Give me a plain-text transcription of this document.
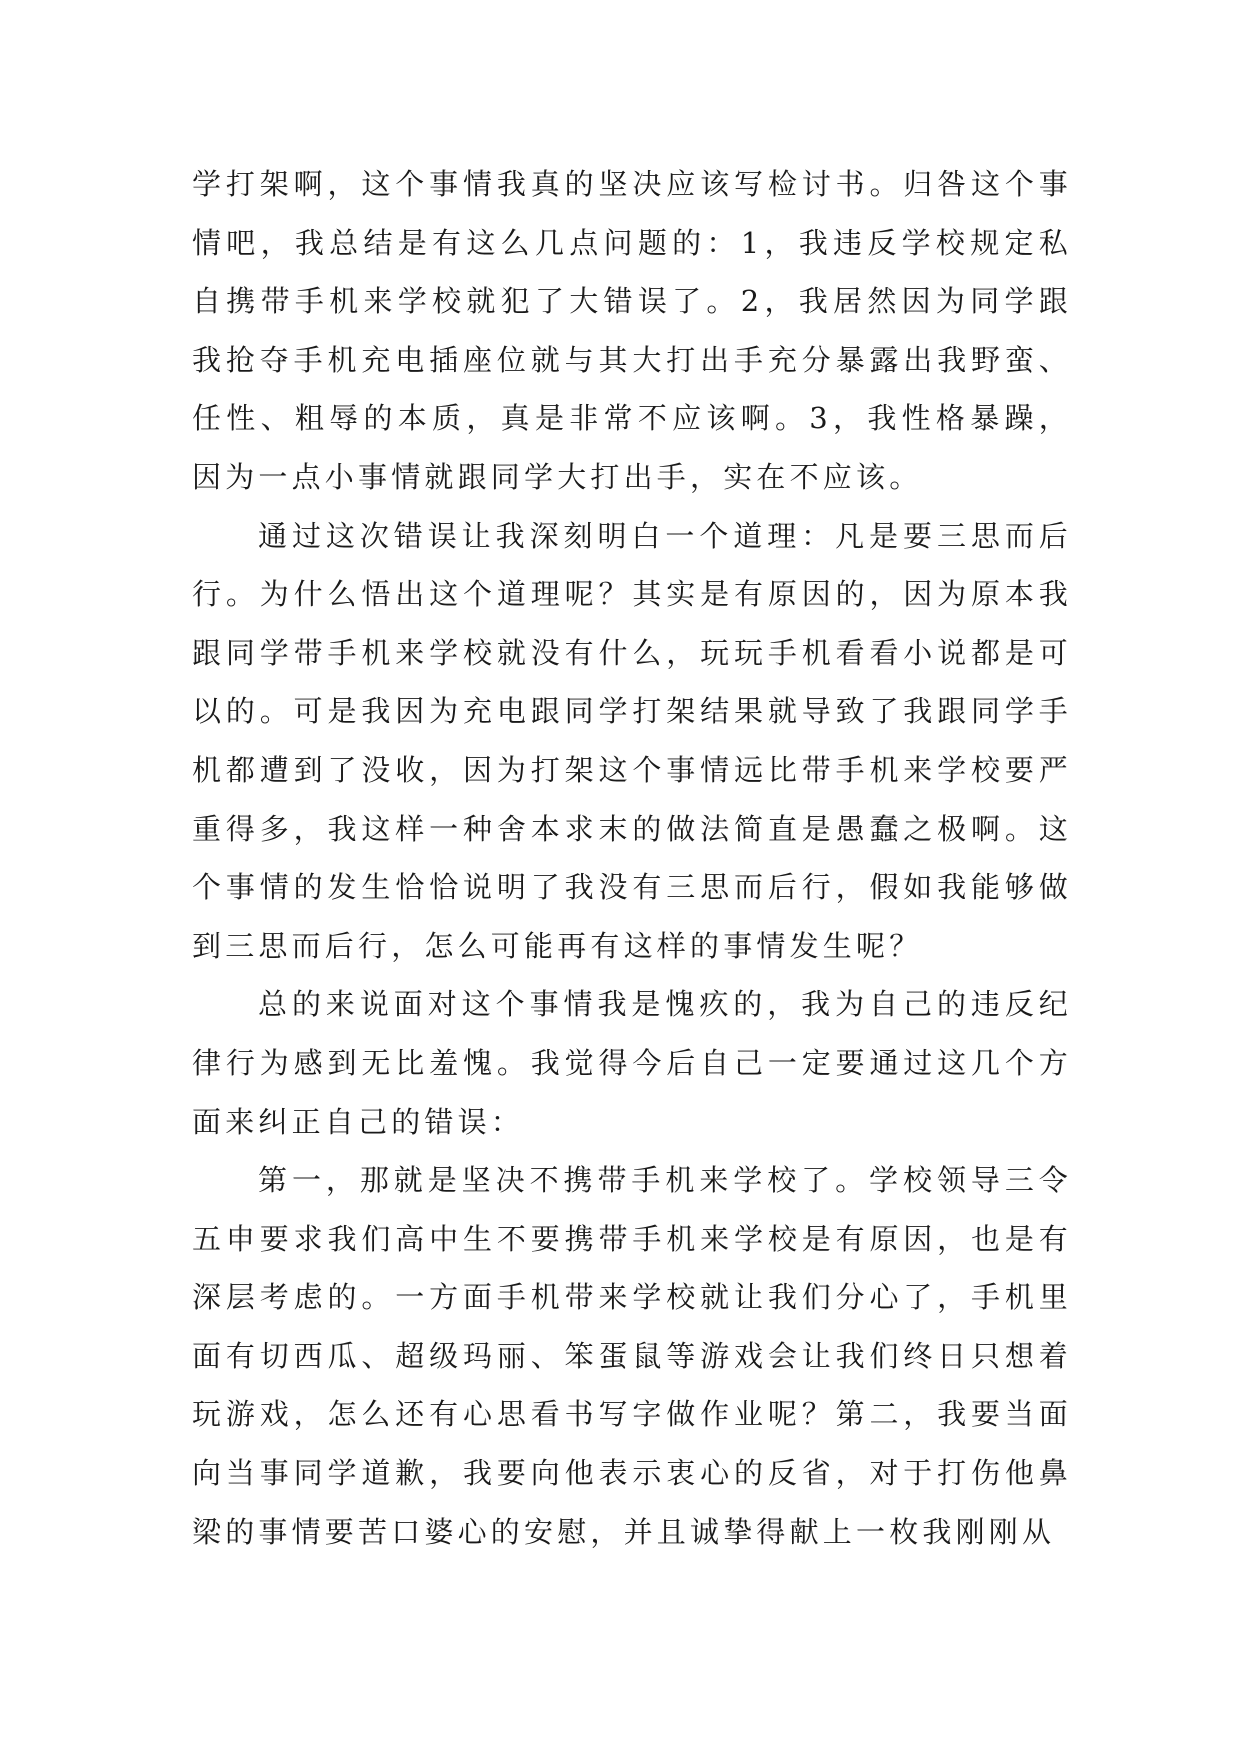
学打架啊，这个事情我真的坚决应该写检讨书。归咎这个事情吧，我总结是有这么几点问题的：1，我违反学校规定私自携带手机来学校就犯了大错误了。2，我居然因为同学跟我抢夺手机充电插座位就与其大打出手充分暴露出我野蛮、任性、粗辱的本质，真是非常不应该啊。3，我性格暴躁，因为一点小事情就跟同学大打出手，实在不应该。

通过这次错误让我深刻明白一个道理：凡是要三思而后行。为什么悟出这个道理呢？其实是有原因的，因为原本我跟同学带手机来学校就没有什么，玩玩手机看看小说都是可以的。可是我因为充电跟同学打架结果就导致了我跟同学手机都遭到了没收，因为打架这个事情远比带手机来学校要严重得多，我这样一种舍本求末的做法简直是愚蠢之极啊。这个事情的发生恰恰说明了我没有三思而后行，假如我能够做到三思而后行，怎么可能再有这样的事情发生呢？

总的来说面对这个事情我是愧疚的，我为自己的违反纪律行为感到无比羞愧。我觉得今后自己一定要通过这几个方面来纠正自己的错误：

第一，那就是坚决不携带手机来学校了。学校领导三令五申要求我们高中生不要携带手机来学校是有原因，也是有深层考虑的。一方面手机带来学校就让我们分心了，手机里面有切西瓜、超级玛丽、笨蛋鼠等游戏会让我们终日只想着玩游戏，怎么还有心思看书写字做作业呢？第二，我要当面向当事同学道歉，我要向他表示衷心的反省，对于打伤他鼻梁的事情要苦口婆心的安慰，并且诚挚得献上一枚我刚刚从
